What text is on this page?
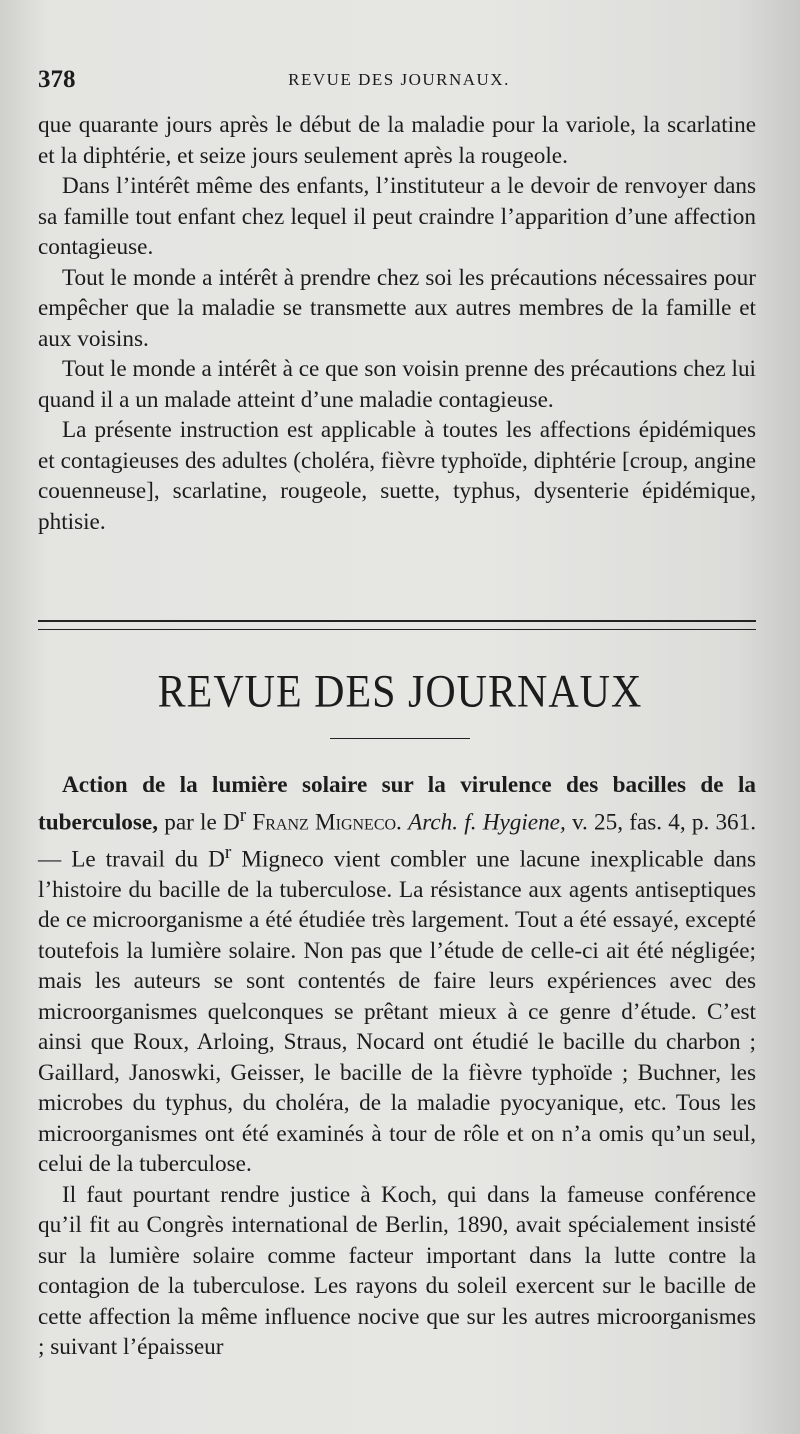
378	REVUE DES JOURNAUX.

que quarante jours après le début de la maladie pour la variole, la scarlatine et la diphtérie, et seize jours seulement après la rougeole.

Dans l’intérêt même des enfants, l’instituteur a le devoir de renvoyer dans sa famille tout enfant chez lequel il peut craindre l’apparition d’une affection contagieuse.

Tout le monde a intérêt à prendre chez soi les précautions nécessaires pour empêcher que la maladie se transmette aux autres membres de la famille et aux voisins.

Tout le monde a intérêt à ce que son voisin prenne des précautions chez lui quand il a un malade atteint d’une maladie contagieuse.

La présente instruction est applicable à toutes les affections épidémiques et contagieuses des adultes (choléra, fièvre typhoïde, diphtérie [croup, angine couenneuse], scarlatine, rougeole, suette, typhus, dysenterie épidémique, phtisie.

REVUE DES JOURNAUX

Action de la lumière solaire sur la virulence des bacilles de la tuberculose, par le $D^r$ Franz Migneco. Arch. f. Hygiene, v. 25, fas. 4, p. 361. — Le travail du $D^r$ Migneco vient combler une lacune inexplicable dans l’histoire du bacille de la tuberculose. La résistance aux agents antiseptiques de ce microorganisme a été étudiée très largement. Tout a été essayé, excepté toutefois la lumière solaire. Non pas que l’étude de celle-ci ait été négligée; mais les auteurs se sont contentés de faire leurs expériences avec des microorganismes quelconques se prêtant mieux à ce genre d’étude. C’est ainsi que Roux, Arloing, Straus, Nocard ont étudié le bacille du charbon ; Gaillard, Janoswki, Geisser, le bacille de la fièvre typhoïde ; Buchner, les microbes du typhus, du choléra, de la maladie pyocyanique, etc. Tous les microorganismes ont été examinés à tour de rôle et on n’a omis qu’un seul, celui de la tuberculose.

Il faut pourtant rendre justice à Koch, qui dans la fameuse conférence qu’il fit au Congrès international de Berlin, 1890, avait spécialement insisté sur la lumière solaire comme facteur important dans la lutte contre la contagion de la tuberculose. Les rayons du soleil exercent sur le bacille de cette affection la même influence nocive que sur les autres microorganismes ; suivant l’épaisseur
